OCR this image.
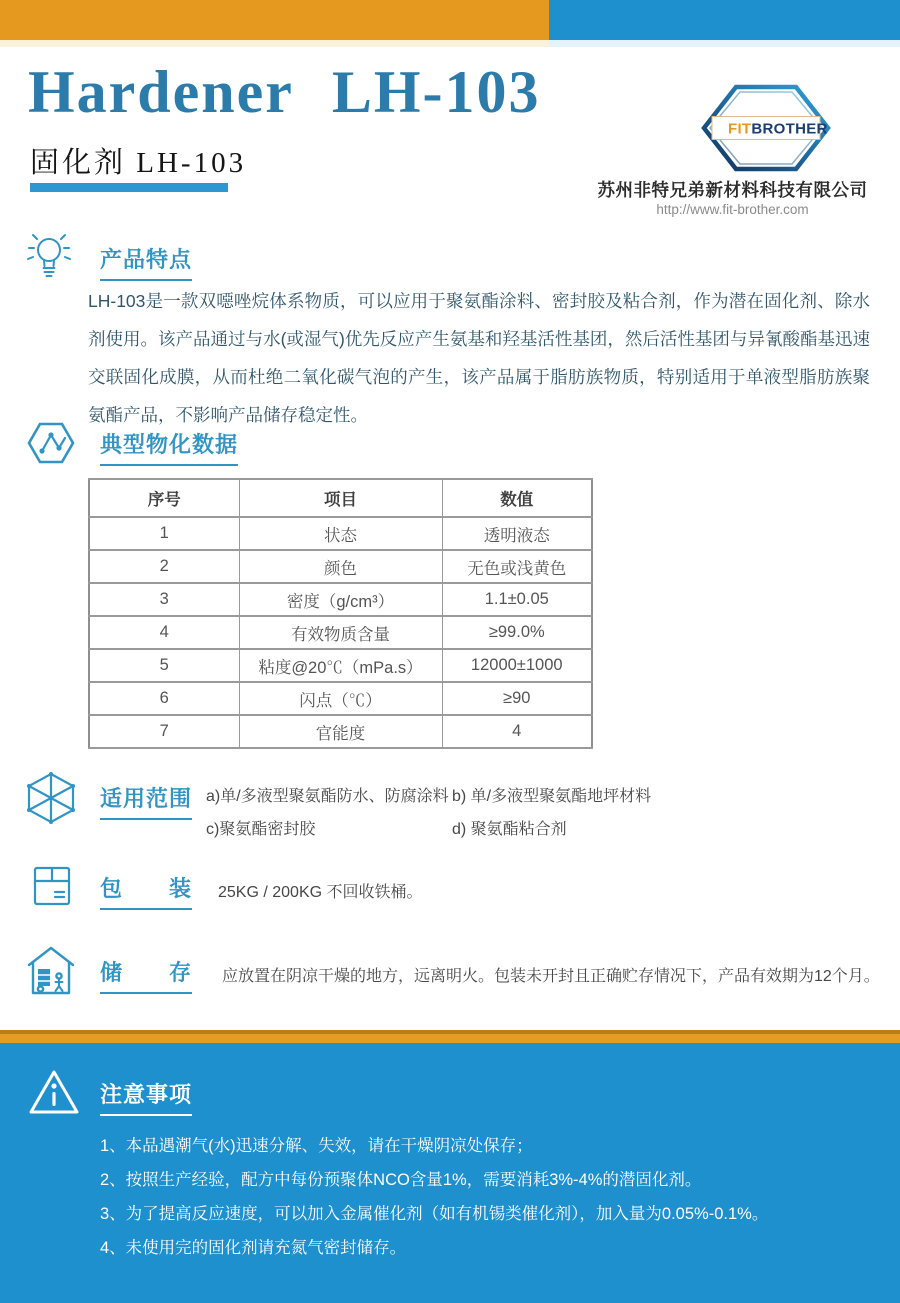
Hardener LH-103
固化剂 LH-103
FITBROTHER
苏州非特兄弟新材料科技有限公司
http://www.fit-brother.com
产品特点

LH-103是一款双噁唑烷体系物质，可以应用于聚氨酯涂料、密封胶及粘合剂，作为潜在固化剂、除水剂使用。该产品通过与水(或湿气)优先反应产生氨基和羟基活性基团，然后活性基团与异氰酸酯基迅速交联固化成膜，从而杜绝二氧化碳气泡的产生，该产品属于脂肪族物质，特别适用于单液型脂肪族聚氨酯产品，不影响产品储存稳定性。

典型物化数据
序号	项目	数值
1	状态	透明液态
2	颜色	无色或浅黄色
3	密度（g/cm³）	1.1±0.05
4	有效物质含量	≥99.0%
5	粘度@20℃（mPa.s）	12000±1000
6	闪点（℃）	≥90
7	官能度	4
适用范围 a)单/多液型聚氨酯防水、防腐涂料 b) 单/多液型聚氨酯地坪材料
c)聚氨酯密封胶	d) 聚氨酯粘合剂
包　　装 25KG / 200KG 不回收铁桶。
储　　存 应放置在阴凉干燥的地方，远离明火。包装未开封且正确贮存情况下，产品有效期为12个月。
注意事项
1、本品遇潮气(水)迅速分解、失效，请在干燥阴凉处保存；
2、按照生产经验，配方中每份预聚体NCO含量1%，需要消耗3%-4%的潜固化剂。
3、为了提高反应速度，可以加入金属催化剂（如有机锡类催化剂），加入量为0.05%-0.1%。
4、未使用完的固化剂请充氮气密封储存。
